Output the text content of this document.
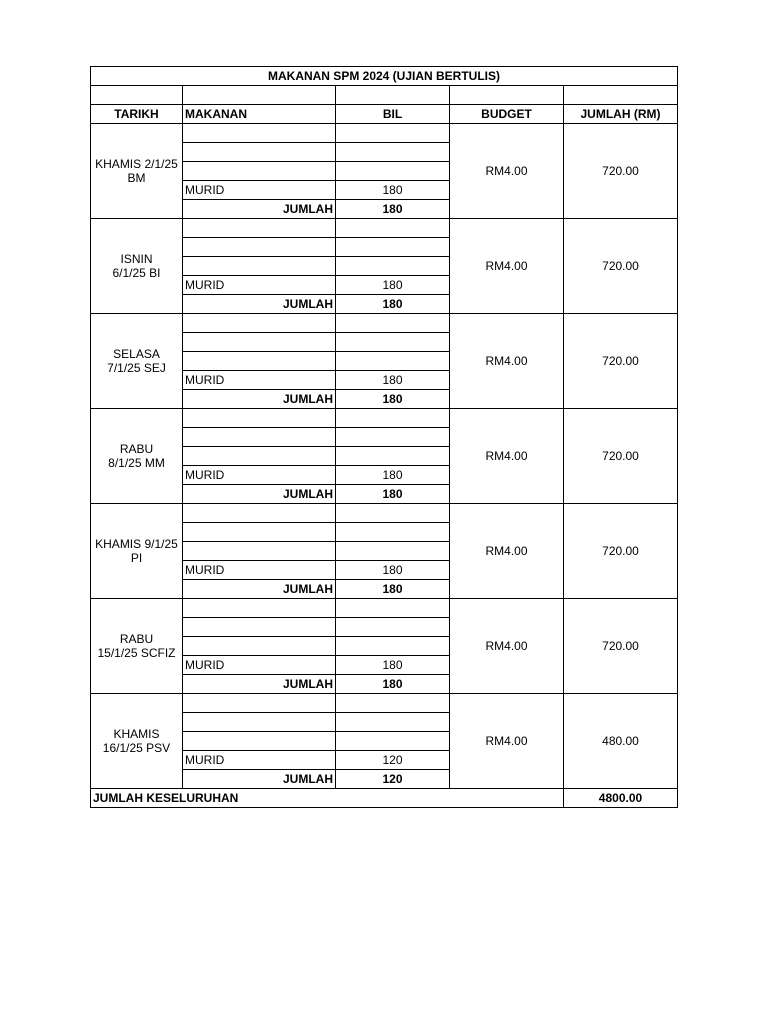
MAKANAN SPM 2024 (UJIAN BERTULIS)				

TARIKH	MAKANAN	BIL	BUDGET	JUMLAH (RM)

KHAMIS 2/1/25
BM			RM4.00	720.00

	MURID	180		
	JUMLAH	180		

ISNIN
6/1/25 BI			RM4.00	720.00

	MURID	180		
	JUMLAH	180		

SELASA
7/1/25 SEJ			RM4.00	720.00

	MURID	180		
	JUMLAH	180		

RABU
8/1/25 MM			RM4.00	720.00

	MURID	180		
	JUMLAH	180		

KHAMIS 9/1/25
PI			RM4.00	720.00

	MURID	180		
	JUMLAH	180		

RABU
15/1/25 SCFIZ			RM4.00	720.00

	MURID	180		
	JUMLAH	180		

KHAMIS
16/1/25 PSV			RM4.00	480.00

	MURID	120		
	JUMLAH	120		
JUMLAH KESELURUHAN				4800.00
